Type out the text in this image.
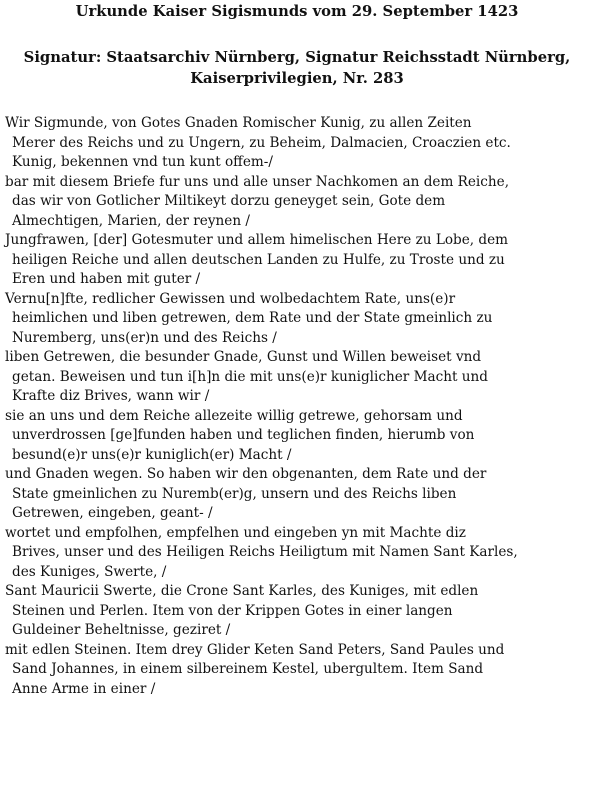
Urkunde Kaiser Sigismunds vom 29. September 1423
Signatur: Staatsarchiv Nürnberg, Signatur Reichsstadt Nürnberg,
Kaiserprivilegien, Nr. 283
Wir Sigmunde, von Gotes Gnaden Romischer Kunig, zu allen Zeiten
Merer des Reichs und zu Ungern, zu Beheim, Dalmacien, Croaczien etc.
Kunig, bekennen vnd tun kunt offem-/
bar mit diesem Briefe fur uns und alle unser Nachkomen an dem Reiche,
das wir von Gotlicher Miltikeyt dorzu geneyget sein, Gote dem
Almechtigen, Marien, der reynen /
Jungfrawen, [der] Gotesmuter und allem himelischen Here zu Lobe, dem
heiligen Reiche und allen deutschen Landen zu Hulfe, zu Troste und zu
Eren und haben mit guter /
Vernu[n]fte, redlicher Gewissen und wolbedachtem Rate, uns(e)r
heimlichen und liben getrewen, dem Rate und der State gmeinlich zu
Nuremberg, uns(er)n und des Reichs /
liben Getrewen, die besunder Gnade, Gunst und Willen beweiset vnd
getan. Beweisen und tun i[h]n die mit uns(e)r kuniglicher Macht und
Krafte diz Brives, wann wir /
sie an uns und dem Reiche allezeite willig getrewe, gehorsam und
unverdrossen [ge]funden haben und teglichen finden, hierumb von
besund(e)r uns(e)r kuniglich(er) Macht /
und Gnaden wegen. So haben wir den obgenanten, dem Rate und der
State gmeinlichen zu Nuremb(er)g, unsern und des Reichs liben
Getrewen, eingeben, geant- /
wortet und empfolhen, empfelhen und eingeben yn mit Machte diz
Brives, unser und des Heiligen Reichs Heiligtum mit Namen Sant Karles,
des Kuniges, Swerte, /
Sant Mauricii Swerte, die Crone Sant Karles, des Kuniges, mit edlen
Steinen und Perlen. Item von der Krippen Gotes in einer langen
Guldeiner Beheltnisse, geziret /
mit edlen Steinen. Item drey Glider Keten Sand Peters, Sand Paules und
Sand Johannes, in einem silbereinem Kestel, ubergultem. Item Sand
Anne Arme in einer /
